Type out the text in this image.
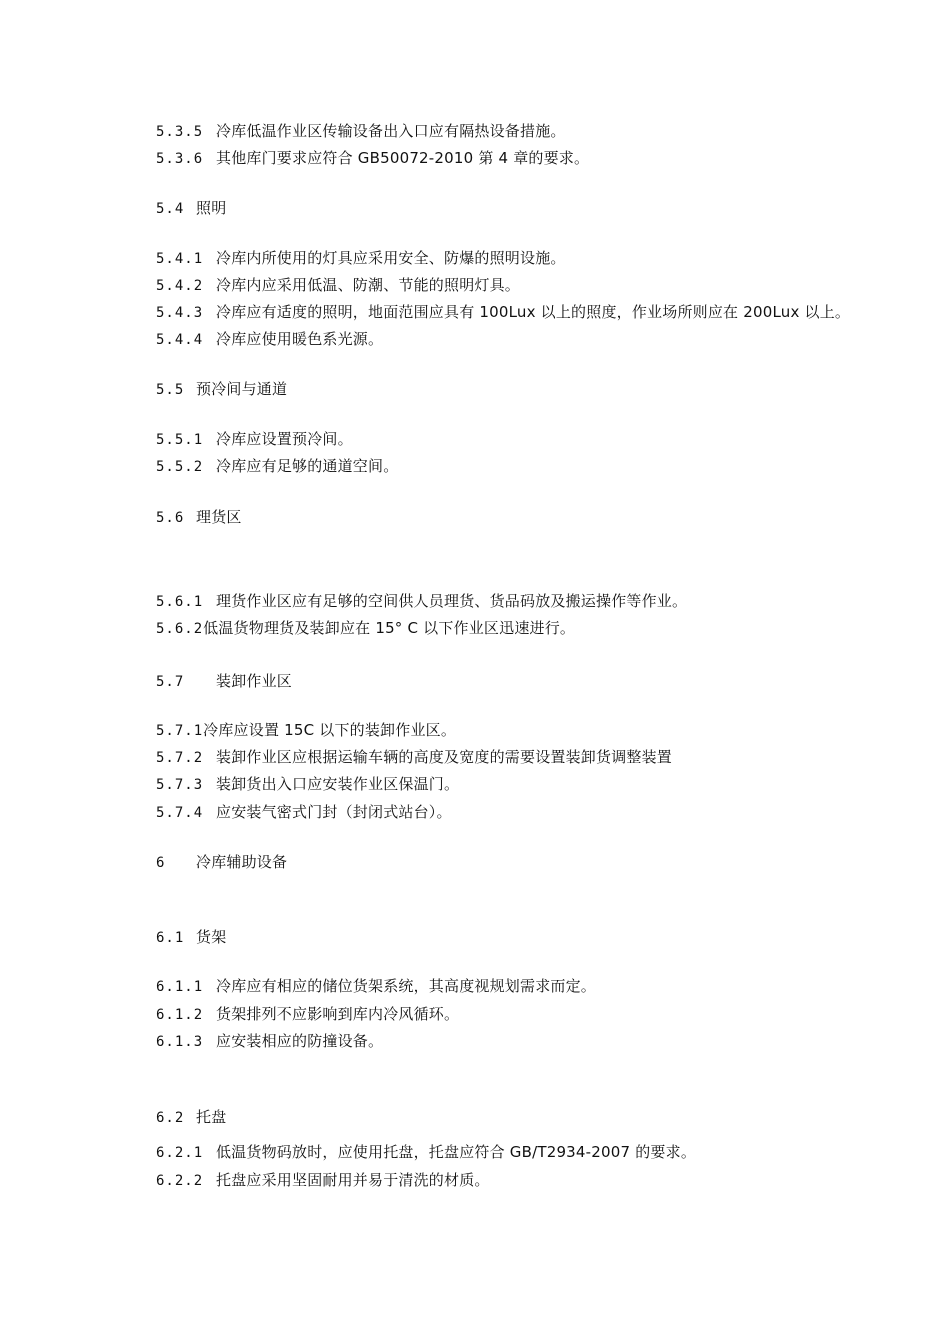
5.3.5 冷库低温作业区传输设备出入口应有隔热设备措施。
5.3.6 其他库门要求应符合 GB50072-2010 第 4 章的要求。
5.4 照明
5.4.1 冷库内所使用的灯具应采用安全、防爆的照明设施。
5.4.2 冷库内应采用低温、防潮、节能的照明灯具。
5.4.3 冷库应有适度的照明，地面范围应具有 100Lux 以上的照度，作业场所则应在 200Lux 以上。
5.4.4 冷库应使用暖色系光源。
5.5 预冷间与通道
5.5.1 冷库应设置预冷间。
5.5.2 冷库应有足够的通道空间。
5.6 理货区
5.6.1 理货作业区应有足够的空间供人员理货、货品码放及搬运操作等作业。
5.6.2低温货物理货及装卸应在 15° C 以下作业区迅速进行。
5.7 装卸作业区
5.7.1冷库应设置 15C 以下的装卸作业区。
5.7.2 装卸作业区应根据运输车辆的高度及宽度的需要设置装卸货调整装置
5.7.3 装卸货出入口应安装作业区保温门。
5.7.4 应安装气密式门封（封闭式站台）。
6 冷库辅助设备
6.1 货架
6.1.1 冷库应有相应的储位货架系统，其高度视规划需求而定。
6.1.2 货架排列不应影响到库内冷风循环。
6.1.3 应安装相应的防撞设备。
6.2 托盘
6.2.1 低温货物码放时，应使用托盘，托盘应符合 GB/T2934-2007 的要求。
6.2.2 托盘应采用坚固耐用并易于清洗的材质。
